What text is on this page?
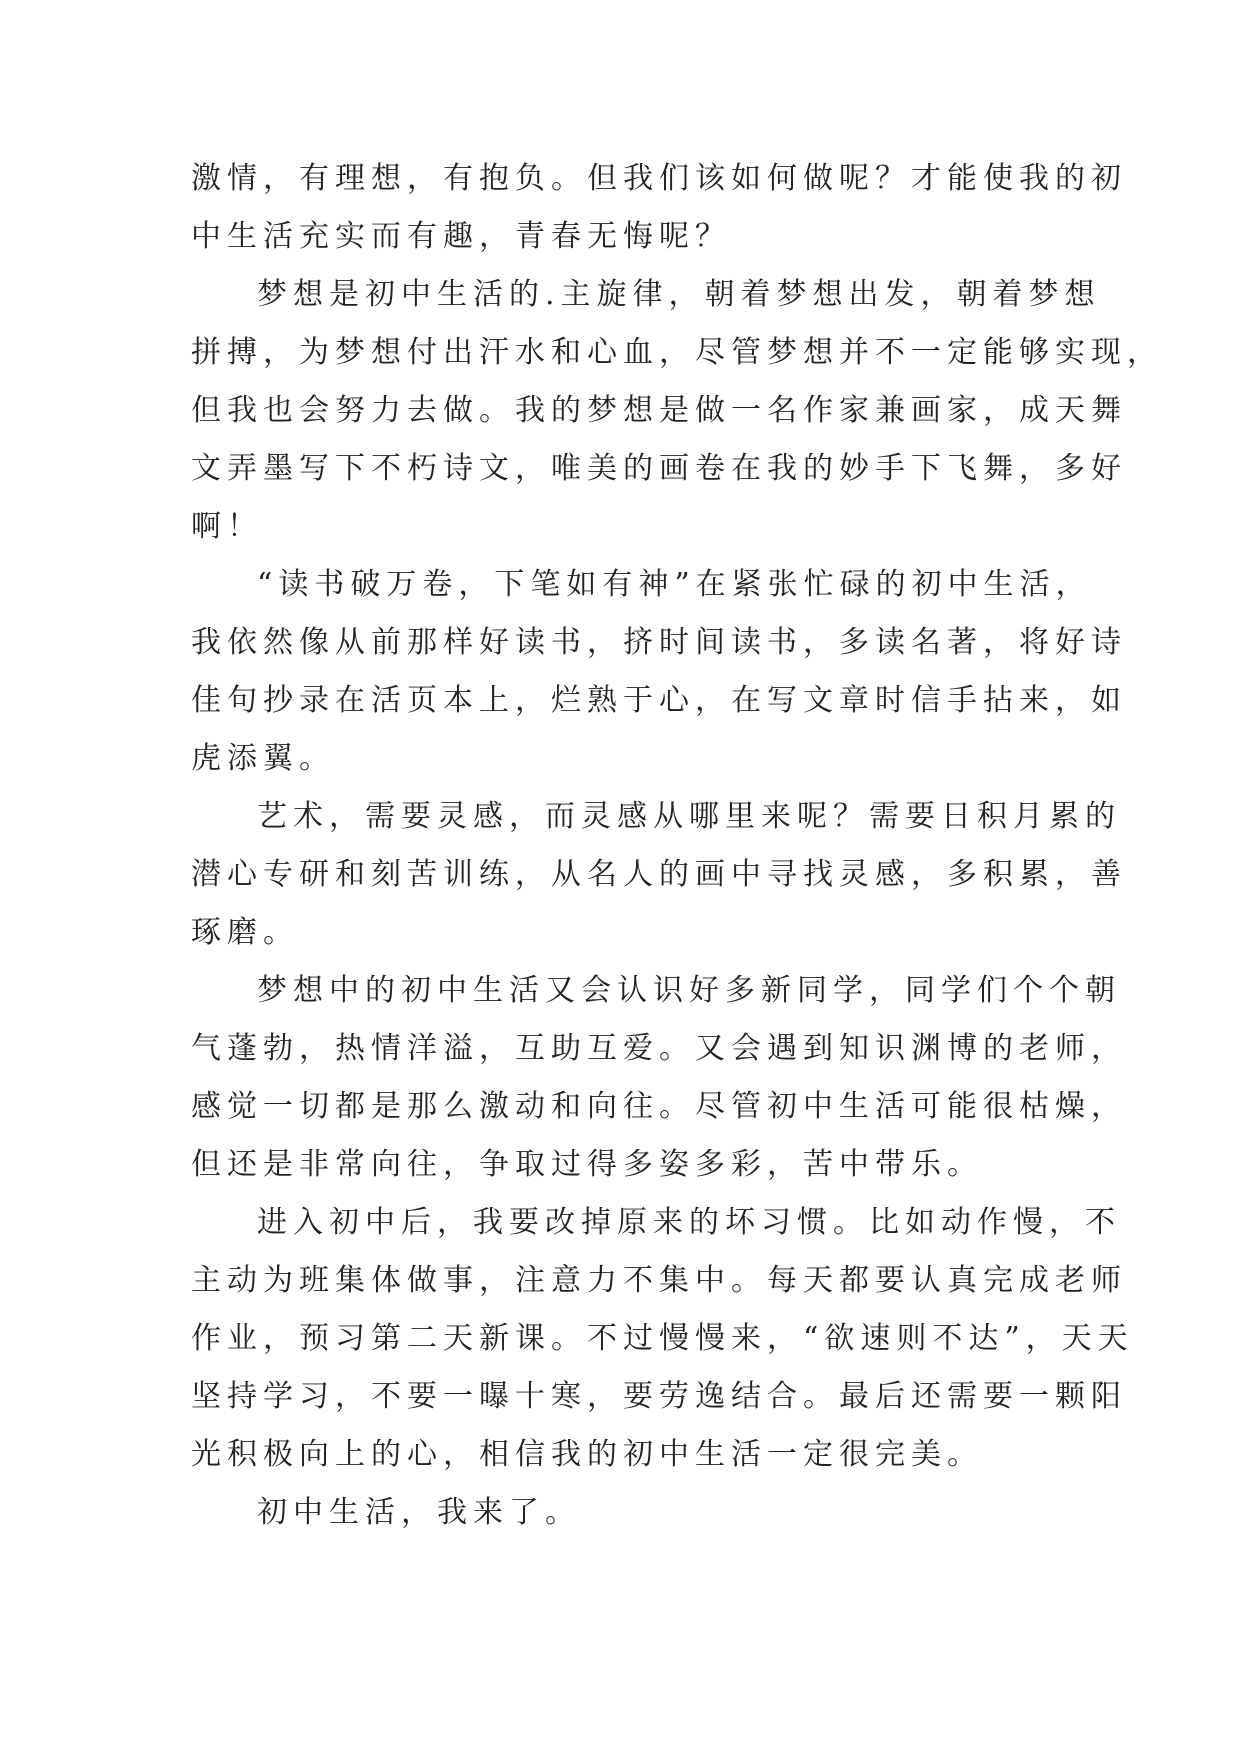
激情，有理想，有抱负。但我们该如何做呢？才能使我的初
中生活充实而有趣，青春无悔呢？
梦想是初中生活的.主旋律，朝着梦想出发，朝着梦想
拼搏，为梦想付出汗水和心血，尽管梦想并不一定能够实现，
但我也会努力去做。我的梦想是做一名作家兼画家，成天舞
文弄墨写下不朽诗文，唯美的画卷在我的妙手下飞舞，多好
啊！
“读书破万卷，下笔如有神”在紧张忙碌的初中生活，
我依然像从前那样好读书，挤时间读书，多读名著，将好诗
佳句抄录在活页本上，烂熟于心，在写文章时信手拈来，如
虎添翼。
艺术，需要灵感，而灵感从哪里来呢？需要日积月累的
潜心专研和刻苦训练，从名人的画中寻找灵感，多积累，善
琢磨。
梦想中的初中生活又会认识好多新同学，同学们个个朝
气蓬勃，热情洋溢，互助互爱。又会遇到知识渊博的老师，
感觉一切都是那么激动和向往。尽管初中生活可能很枯燥，
但还是非常向往，争取过得多姿多彩，苦中带乐。
进入初中后，我要改掉原来的坏习惯。比如动作慢，不
主动为班集体做事，注意力不集中。每天都要认真完成老师
作业，预习第二天新课。不过慢慢来，“欲速则不达”，天天
坚持学习，不要一曝十寒，要劳逸结合。最后还需要一颗阳
光积极向上的心，相信我的初中生活一定很完美。
初中生活，我来了。
